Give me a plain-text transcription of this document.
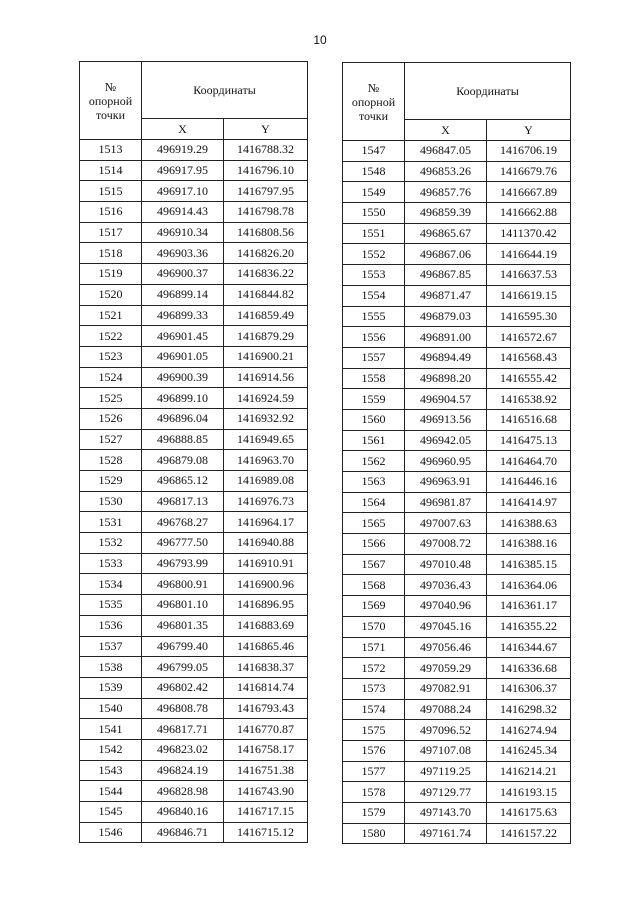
10
№
опорной
точки	Координаты	
	X	Y
1513	496919.29	1416788.32
1514	496917.95	1416796.10
1515	496917.10	1416797.95
1516	496914.43	1416798.78
1517	496910.34	1416808.56
1518	496903.36	1416826.20
1519	496900.37	1416836.22
1520	496899.14	1416844.82
1521	496899.33	1416859.49
1522	496901.45	1416879.29
1523	496901.05	1416900.21
1524	496900.39	1416914.56
1525	496899.10	1416924.59
1526	496896.04	1416932.92
1527	496888.85	1416949.65
1528	496879.08	1416963.70
1529	496865.12	1416989.08
1530	496817.13	1416976.73
1531	496768.27	1416964.17
1532	496777.50	1416940.88
1533	496793.99	1416910.91
1534	496800.91	1416900.96
1535	496801.10	1416896.95
1536	496801.35	1416883.69
1537	496799.40	1416865.46
1538	496799.05	1416838.37
1539	496802.42	1416814.74
1540	496808.78	1416793.43
1541	496817.71	1416770.87
1542	496823.02	1416758.17
1543	496824.19	1416751.38
1544	496828.98	1416743.90
1545	496840.16	1416717.15
1546	496846.71	1416715.12
№
опорной
точки	Координаты	
	X	Y
1547	496847.05	1416706.19
1548	496853.26	1416679.76
1549	496857.76	1416667.89
1550	496859.39	1416662.88
1551	496865.67	1411370.42
1552	496867.06	1416644.19
1553	496867.85	1416637.53
1554	496871.47	1416619.15
1555	496879.03	1416595.30
1556	496891.00	1416572.67
1557	496894.49	1416568.43
1558	496898.20	1416555.42
1559	496904.57	1416538.92
1560	496913.56	1416516.68
1561	496942.05	1416475.13
1562	496960.95	1416464.70
1563	496963.91	1416446.16
1564	496981.87	1416414.97
1565	497007.63	1416388.63
1566	497008.72	1416388.16
1567	497010.48	1416385.15
1568	497036.43	1416364.06
1569	497040.96	1416361.17
1570	497045.16	1416355.22
1571	497056.46	1416344.67
1572	497059.29	1416336.68
1573	497082.91	1416306.37
1574	497088.24	1416298.32
1575	497096.52	1416274.94
1576	497107.08	1416245.34
1577	497119.25	1416214.21
1578	497129.77	1416193.15
1579	497143.70	1416175.63
1580	497161.74	1416157.22
